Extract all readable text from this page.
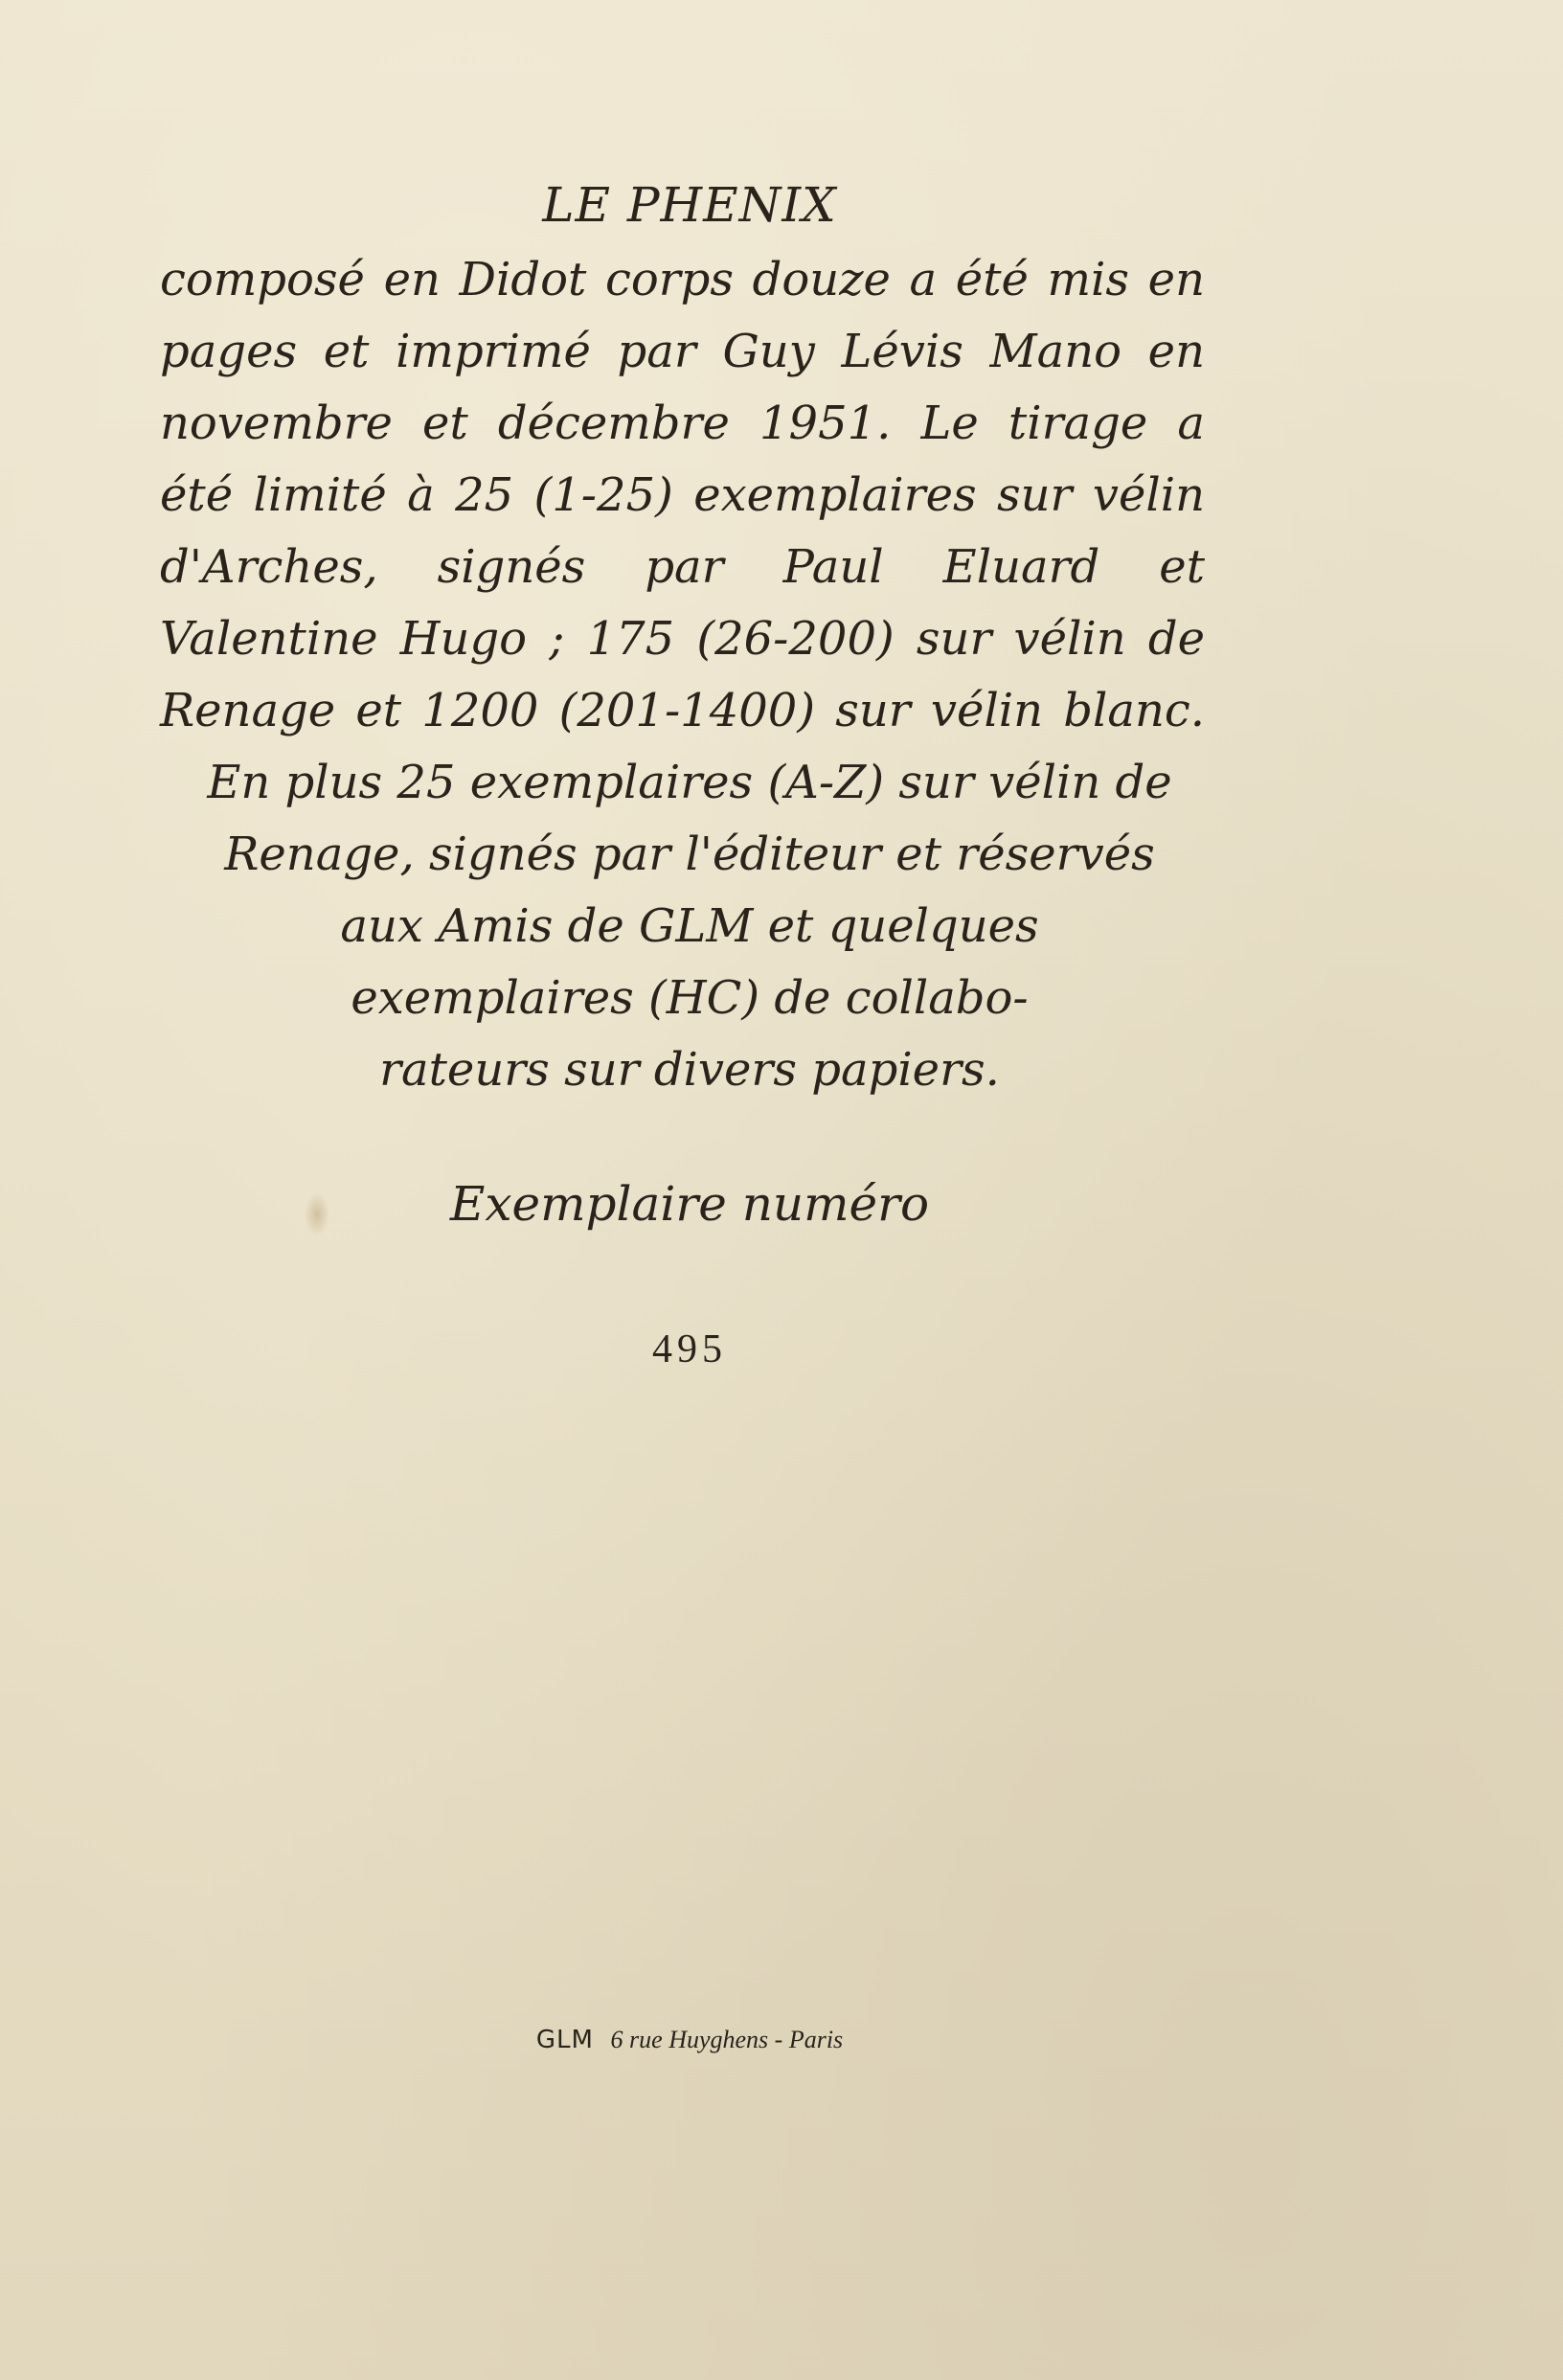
LE PHENIX
composé en Didot corps douze a été mis en
pages et imprimé par Guy Lévis Mano en
novembre et décembre 1951. Le tirage a
été limité à 25 (1-25) exemplaires sur vélin
d'Arches, signés par Paul Eluard et
Valentine Hugo ; 175 (26-200) sur vélin de
Renage et 1200 (201-1400) sur vélin blanc.
En plus 25 exemplaires (A-Z) sur vélin de
Renage, signés par l'éditeur et réservés
aux Amis de GLM et quelques
exemplaires (HC) de collabo-
rateurs sur divers papiers.
Exemplaire numéro
495
GLM 6 rue Huyghens - Paris
